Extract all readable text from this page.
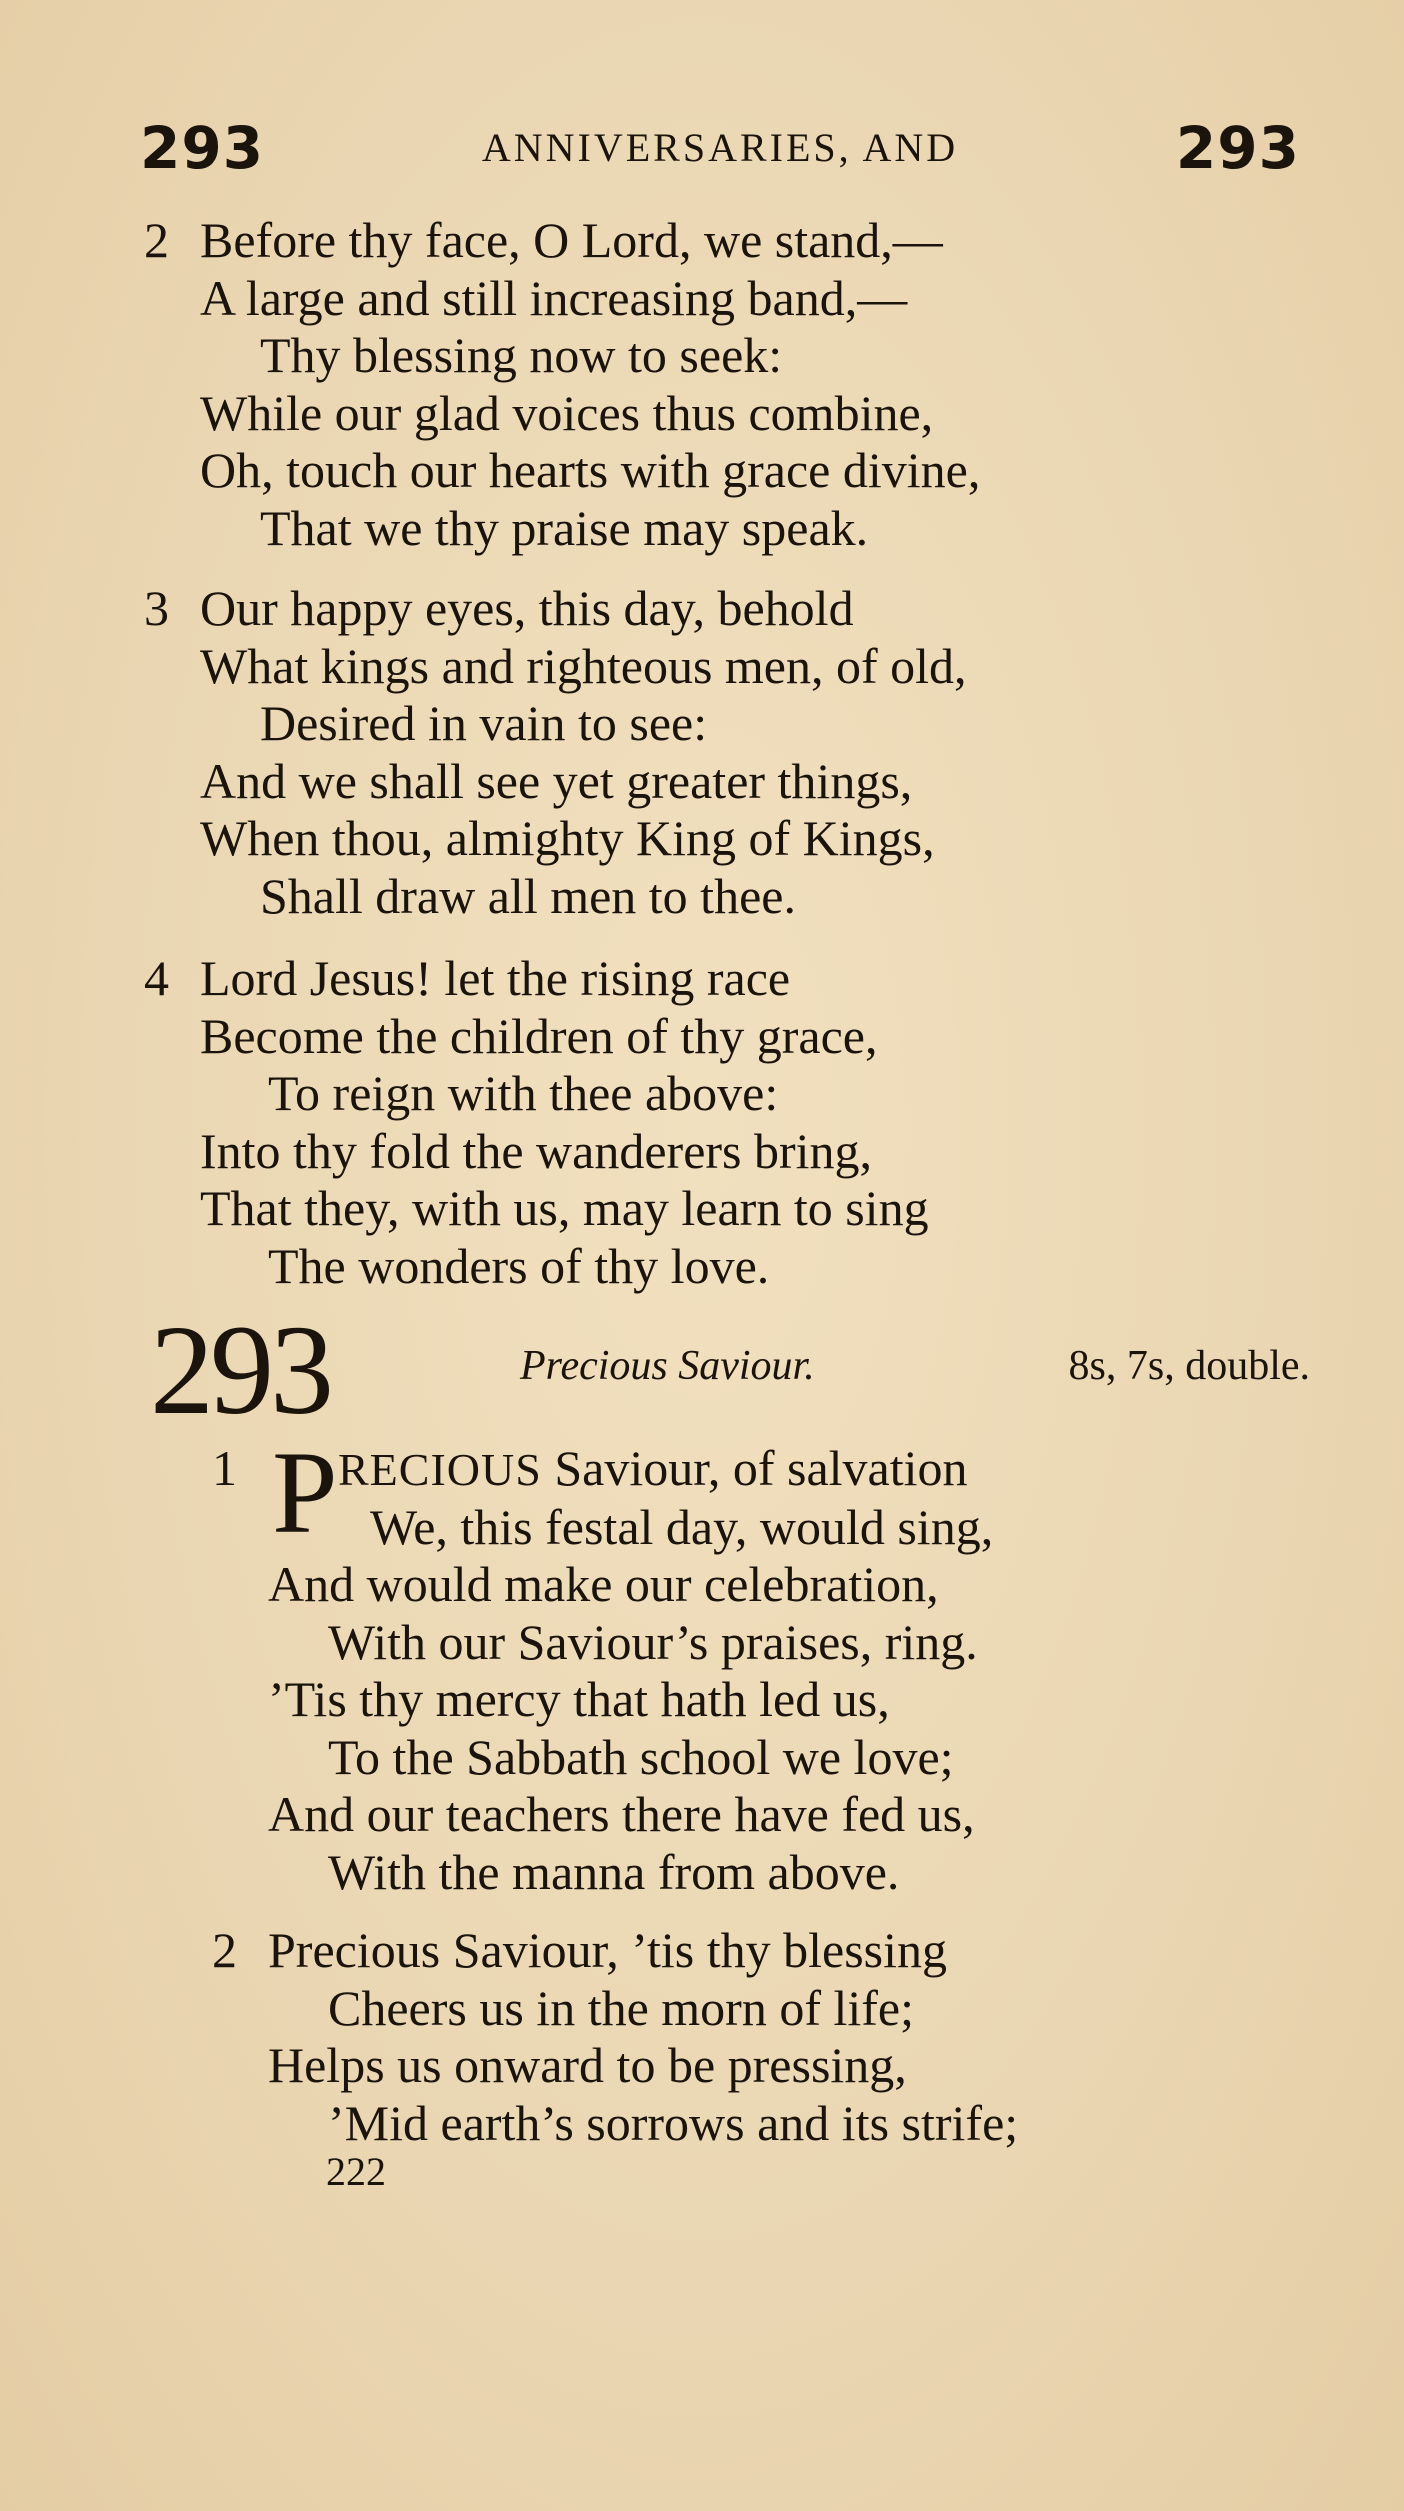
293	ANNIVERSARIES, AND	293
2 Before thy face, O Lord, we stand,—
A large and still increasing band,—
Thy blessing now to seek:
While our glad voices thus combine,
Oh, touch our hearts with grace divine,
That we thy praise may speak.
3 Our happy eyes, this day, behold
What kings and righteous men, of old,
Desired in vain to see:
And we shall see yet greater things,
When thou, almighty King of Kings,
Shall draw all men to thee.
4 Lord Jesus! let the rising race
Become the children of thy grace,
To reign with thee above:
Into thy fold the wanderers bring,
That they, with us, may learn to sing
The wonders of thy love.
293	Precious Saviour.	8s, 7s, double.
1 P RECIOUS Saviour, of salvation
We, this festal day, would sing,
And would make our celebration,
With our Saviour’s praises, ring.
’Tis thy mercy that hath led us,
To the Sabbath school we love;
And our teachers there have fed us,
With the manna from above.
2 Precious Saviour, ’tis thy blessing
Cheers us in the morn of life;
Helps us onward to be pressing,
’Mid earth’s sorrows and its strife;
222
